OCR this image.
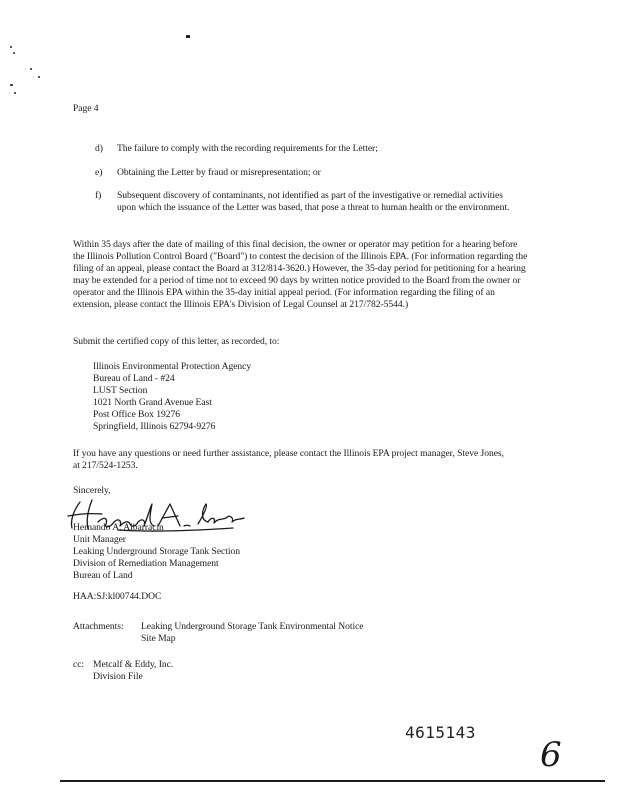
Page 4
d) The failure to comply with the recording requirements for the Letter;
e) Obtaining the Letter by fraud or misrepresentation; or
f) Subsequent discovery of contaminants, not identified as part of the investigative or remedial activities upon which the issuance of the Letter was based, that pose a threat to human health or the environment.
Within 35 days after the date of mailing of this final decision, the owner or operator may petition for a hearing before the Illinois Pollution Control Board ("Board") to contest the decision of the Illinois EPA. (For information regarding the filing of an appeal, please contact the Board at 312/814-3620.) However, the 35-day period for petitioning for a hearing may be extended for a period of time not to exceed 90 days by written notice provided to the Board from the owner or operator and the Illinois EPA within the 35-day initial appeal period. (For information regarding the filing of an extension, please contact the Illinois EPA's Division of Legal Counsel at 217/782-5544.)
Submit the certified copy of this letter, as recorded, to:
Illinois Environmental Protection Agency
Bureau of Land - #24
LUST Section
1021 North Grand Avenue East
Post Office Box 19276
Springfield, Illinois 62794-9276
If you have any questions or need further assistance, please contact the Illinois EPA project manager, Steve Jones, at 217/524-1253.
Sincerely,
Hernando A. Albarracin
Unit Manager
Leaking Underground Storage Tank Section
Division of Remediation Management
Bureau of Land
HAA:SJ:kl00744.DOC
Attachments: Leaking Underground Storage Tank Environmental Notice
Site Map
cc: Metcalf & Eddy, Inc.
Division File
4615143
6
